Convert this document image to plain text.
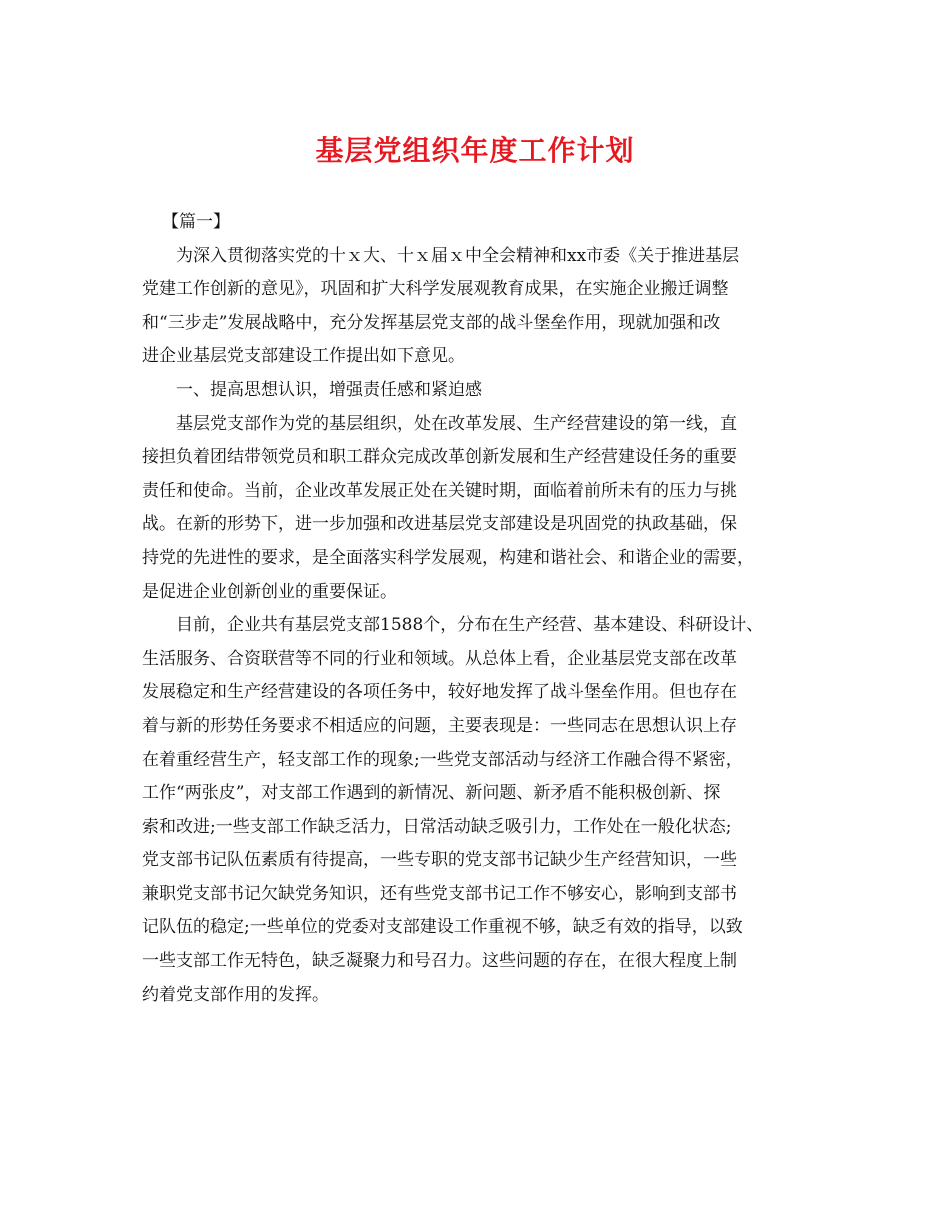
基层党组织年度工作计划
【篇一】
为深入贯彻落实党的十ｘ大、十ｘ届ｘ中全会精神和xx市委《关于推进基层
党建工作创新的意见》，巩固和扩大科学发展观教育成果，在实施企业搬迁调整
和“三步走”发展战略中，充分发挥基层党支部的战斗堡垒作用，现就加强和改
进企业基层党支部建设工作提出如下意见。
一、提高思想认识，增强责任感和紧迫感
基层党支部作为党的基层组织，处在改革发展、生产经营建设的第一线，直
接担负着团结带领党员和职工群众完成改革创新发展和生产经营建设任务的重要
责任和使命。当前，企业改革发展正处在关键时期，面临着前所未有的压力与挑
战。在新的形势下，进一步加强和改进基层党支部建设是巩固党的执政基础，保
持党的先进性的要求，是全面落实科学发展观，构建和谐社会、和谐企业的需要，
是促进企业创新创业的重要保证。
目前，企业共有基层党支部1588个，分布在生产经营、基本建设、科研设计、
生活服务、合资联营等不同的行业和领域。从总体上看，企业基层党支部在改革
发展稳定和生产经营建设的各项任务中，较好地发挥了战斗堡垒作用。但也存在
着与新的形势任务要求不相适应的问题，主要表现是：一些同志在思想认识上存
在着重经营生产，轻支部工作的现象;一些党支部活动与经济工作融合得不紧密，
工作“两张皮”，对支部工作遇到的新情况、新问题、新矛盾不能积极创新、探
索和改进;一些支部工作缺乏活力，日常活动缺乏吸引力，工作处在一般化状态;
党支部书记队伍素质有待提高，一些专职的党支部书记缺少生产经营知识，一些
兼职党支部书记欠缺党务知识，还有些党支部书记工作不够安心，影响到支部书
记队伍的稳定;一些单位的党委对支部建设工作重视不够，缺乏有效的指导，以致
一些支部工作无特色，缺乏凝聚力和号召力。这些问题的存在，在很大程度上制
约着党支部作用的发挥。
